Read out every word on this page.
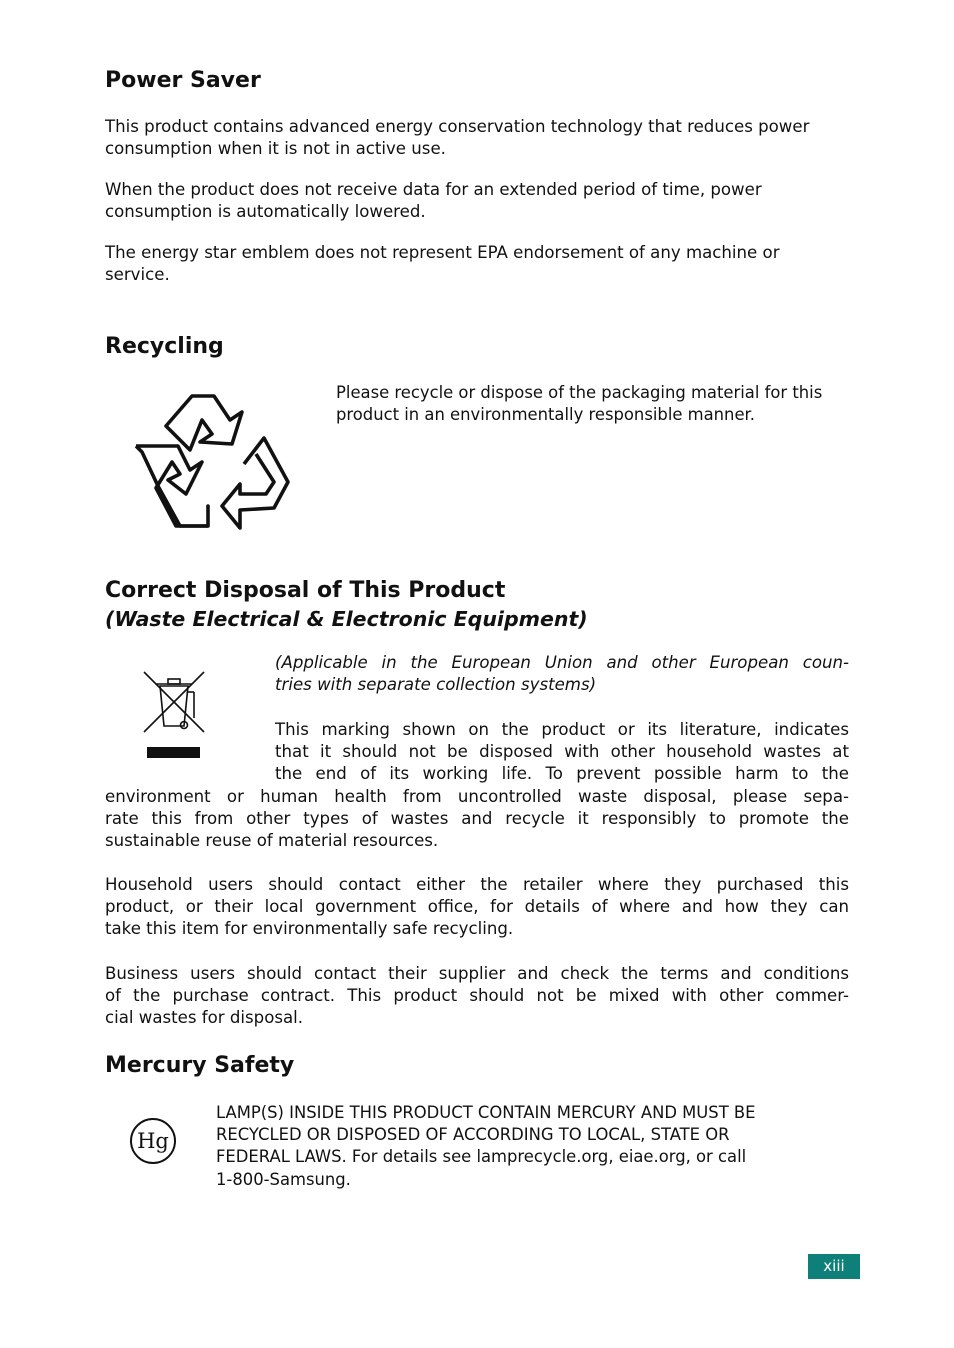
Power Saver

This product contains advanced energy conservation technology that reduces power
consumption when it is not in active use.

When the product does not receive data for an extended period of time, power
consumption is automatically lowered.

The energy star emblem does not represent EPA endorsement of any machine or
service.

Recycling

Please recycle or dispose of the packaging material for this
product in an environmentally responsible manner.

Correct Disposal of This Product
(Waste Electrical & Electronic Equipment)

(Applicable in the European Union and other European coun-
tries with separate collection systems)

This marking shown on the product or its literature, indicates
that it should not be disposed with other household wastes at
the end of its working life. To prevent possible harm to the

environment or human health from uncontrolled waste disposal, please sepa-
rate this from other types of wastes and recycle it responsibly to promote the
sustainable reuse of material resources.

Household users should contact either the retailer where they purchased this
product, or their local government office, for details of where and how they can
take this item for environmentally safe recycling.

Business users should contact their supplier and check the terms and conditions
of the purchase contract. This product should not be mixed with other commer-
cial wastes for disposal.

Mercury Safety
Hg

LAMP(S) INSIDE THIS PRODUCT CONTAIN MERCURY AND MUST BE
RECYCLED OR DISPOSED OF ACCORDING TO LOCAL, STATE OR
FEDERAL LAWS. For details see lamprecycle.org, eiae.org, or call
1-800-Samsung.

xiii
